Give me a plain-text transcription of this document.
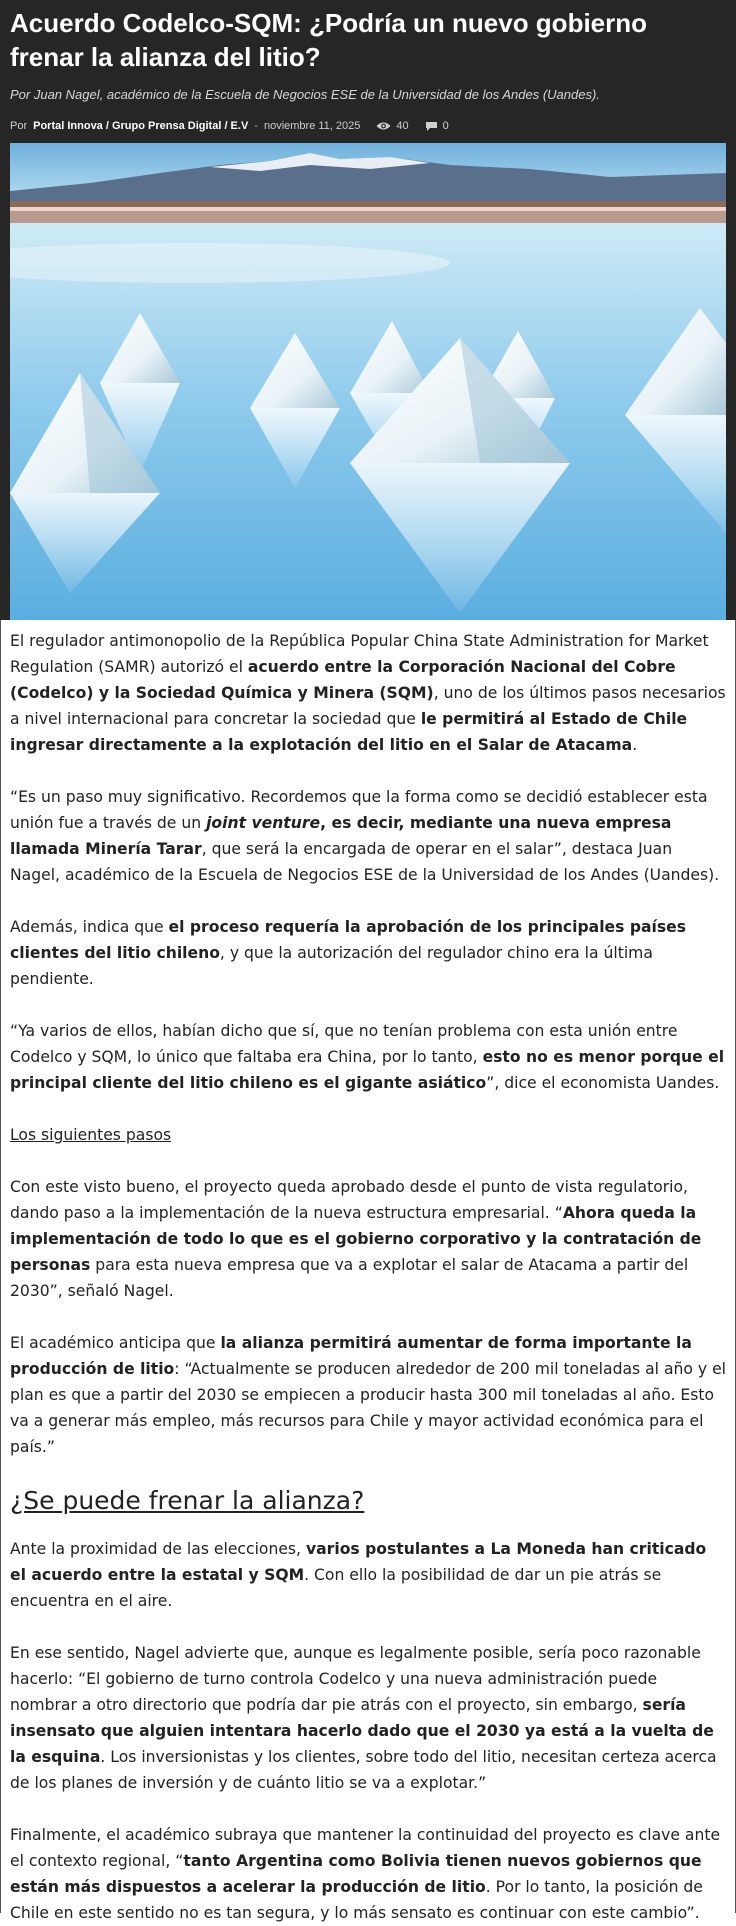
Acuerdo Codelco-SQM: ¿Podría un nuevo gobierno frenar la alianza del litio?

Por Juan Nagel, académico de la Escuela de Negocios ESE de la Universidad de los Andes (Uandes).

Por Portal Innova / Grupo Prensa Digital / E.V - noviembre 11, 2025	40	0

El regulador antimonopolio de la República Popular China State Administration for Market Regulation (SAMR) autorizó el acuerdo entre la Corporación Nacional del Cobre (Codelco) y la Sociedad Química y Minera (SQM), uno de los últimos pasos necesarios a nivel internacional para concretar la sociedad que le permitirá al Estado de Chile ingresar directamente a la explotación del litio en el Salar de Atacama.

“Es un paso muy significativo. Recordemos que la forma como se decidió establecer esta unión fue a través de un joint venture, es decir, mediante una nueva empresa llamada Minería Tarar, que será la encargada de operar en el salar”, destaca Juan Nagel, académico de la Escuela de Negocios ESE de la Universidad de los Andes (Uandes).

Además, indica que el proceso requería la aprobación de los principales países clientes del litio chileno, y que la autorización del regulador chino era la última pendiente.

“Ya varios de ellos, habían dicho que sí, que no tenían problema con esta unión entre Codelco y SQM, lo único que faltaba era China, por lo tanto, esto no es menor porque el principal cliente del litio chileno es el gigante asiático”, dice el economista Uandes.

Los siguientes pasos

Con este visto bueno, el proyecto queda aprobado desde el punto de vista regulatorio, dando paso a la implementación de la nueva estructura empresarial. “Ahora queda la implementación de todo lo que es el gobierno corporativo y la contratación de personas para esta nueva empresa que va a explotar el salar de Atacama a partir del 2030”, señaló Nagel.

El académico anticipa que la alianza permitirá aumentar de forma importante la producción de litio: “Actualmente se producen alrededor de 200 mil toneladas al año y el plan es que a partir del 2030 se empiecen a producir hasta 300 mil toneladas al año. Esto va a generar más empleo, más recursos para Chile y mayor actividad económica para el país.”

¿Se puede frenar la alianza?

Ante la proximidad de las elecciones, varios postulantes a La Moneda han criticado el acuerdo entre la estatal y SQM. Con ello la posibilidad de dar un pie atrás se encuentra en el aire.

En ese sentido, Nagel advierte que, aunque es legalmente posible, sería poco razonable hacerlo: “El gobierno de turno controla Codelco y una nueva administración puede nombrar a otro directorio que podría dar pie atrás con el proyecto, sin embargo, sería insensato que alguien intentara hacerlo dado que el 2030 ya está a la vuelta de la esquina. Los inversionistas y los clientes, sobre todo del litio, necesitan certeza acerca de los planes de inversión y de cuánto litio se va a explotar.”

Finalmente, el académico subraya que mantener la continuidad del proyecto es clave ante el contexto regional, “tanto Argentina como Bolivia tienen nuevos gobiernos que están más dispuestos a acelerar la producción de litio. Por lo tanto, la posición de Chile en este sentido no es tan segura, y lo más sensato es continuar con este cambio”.
